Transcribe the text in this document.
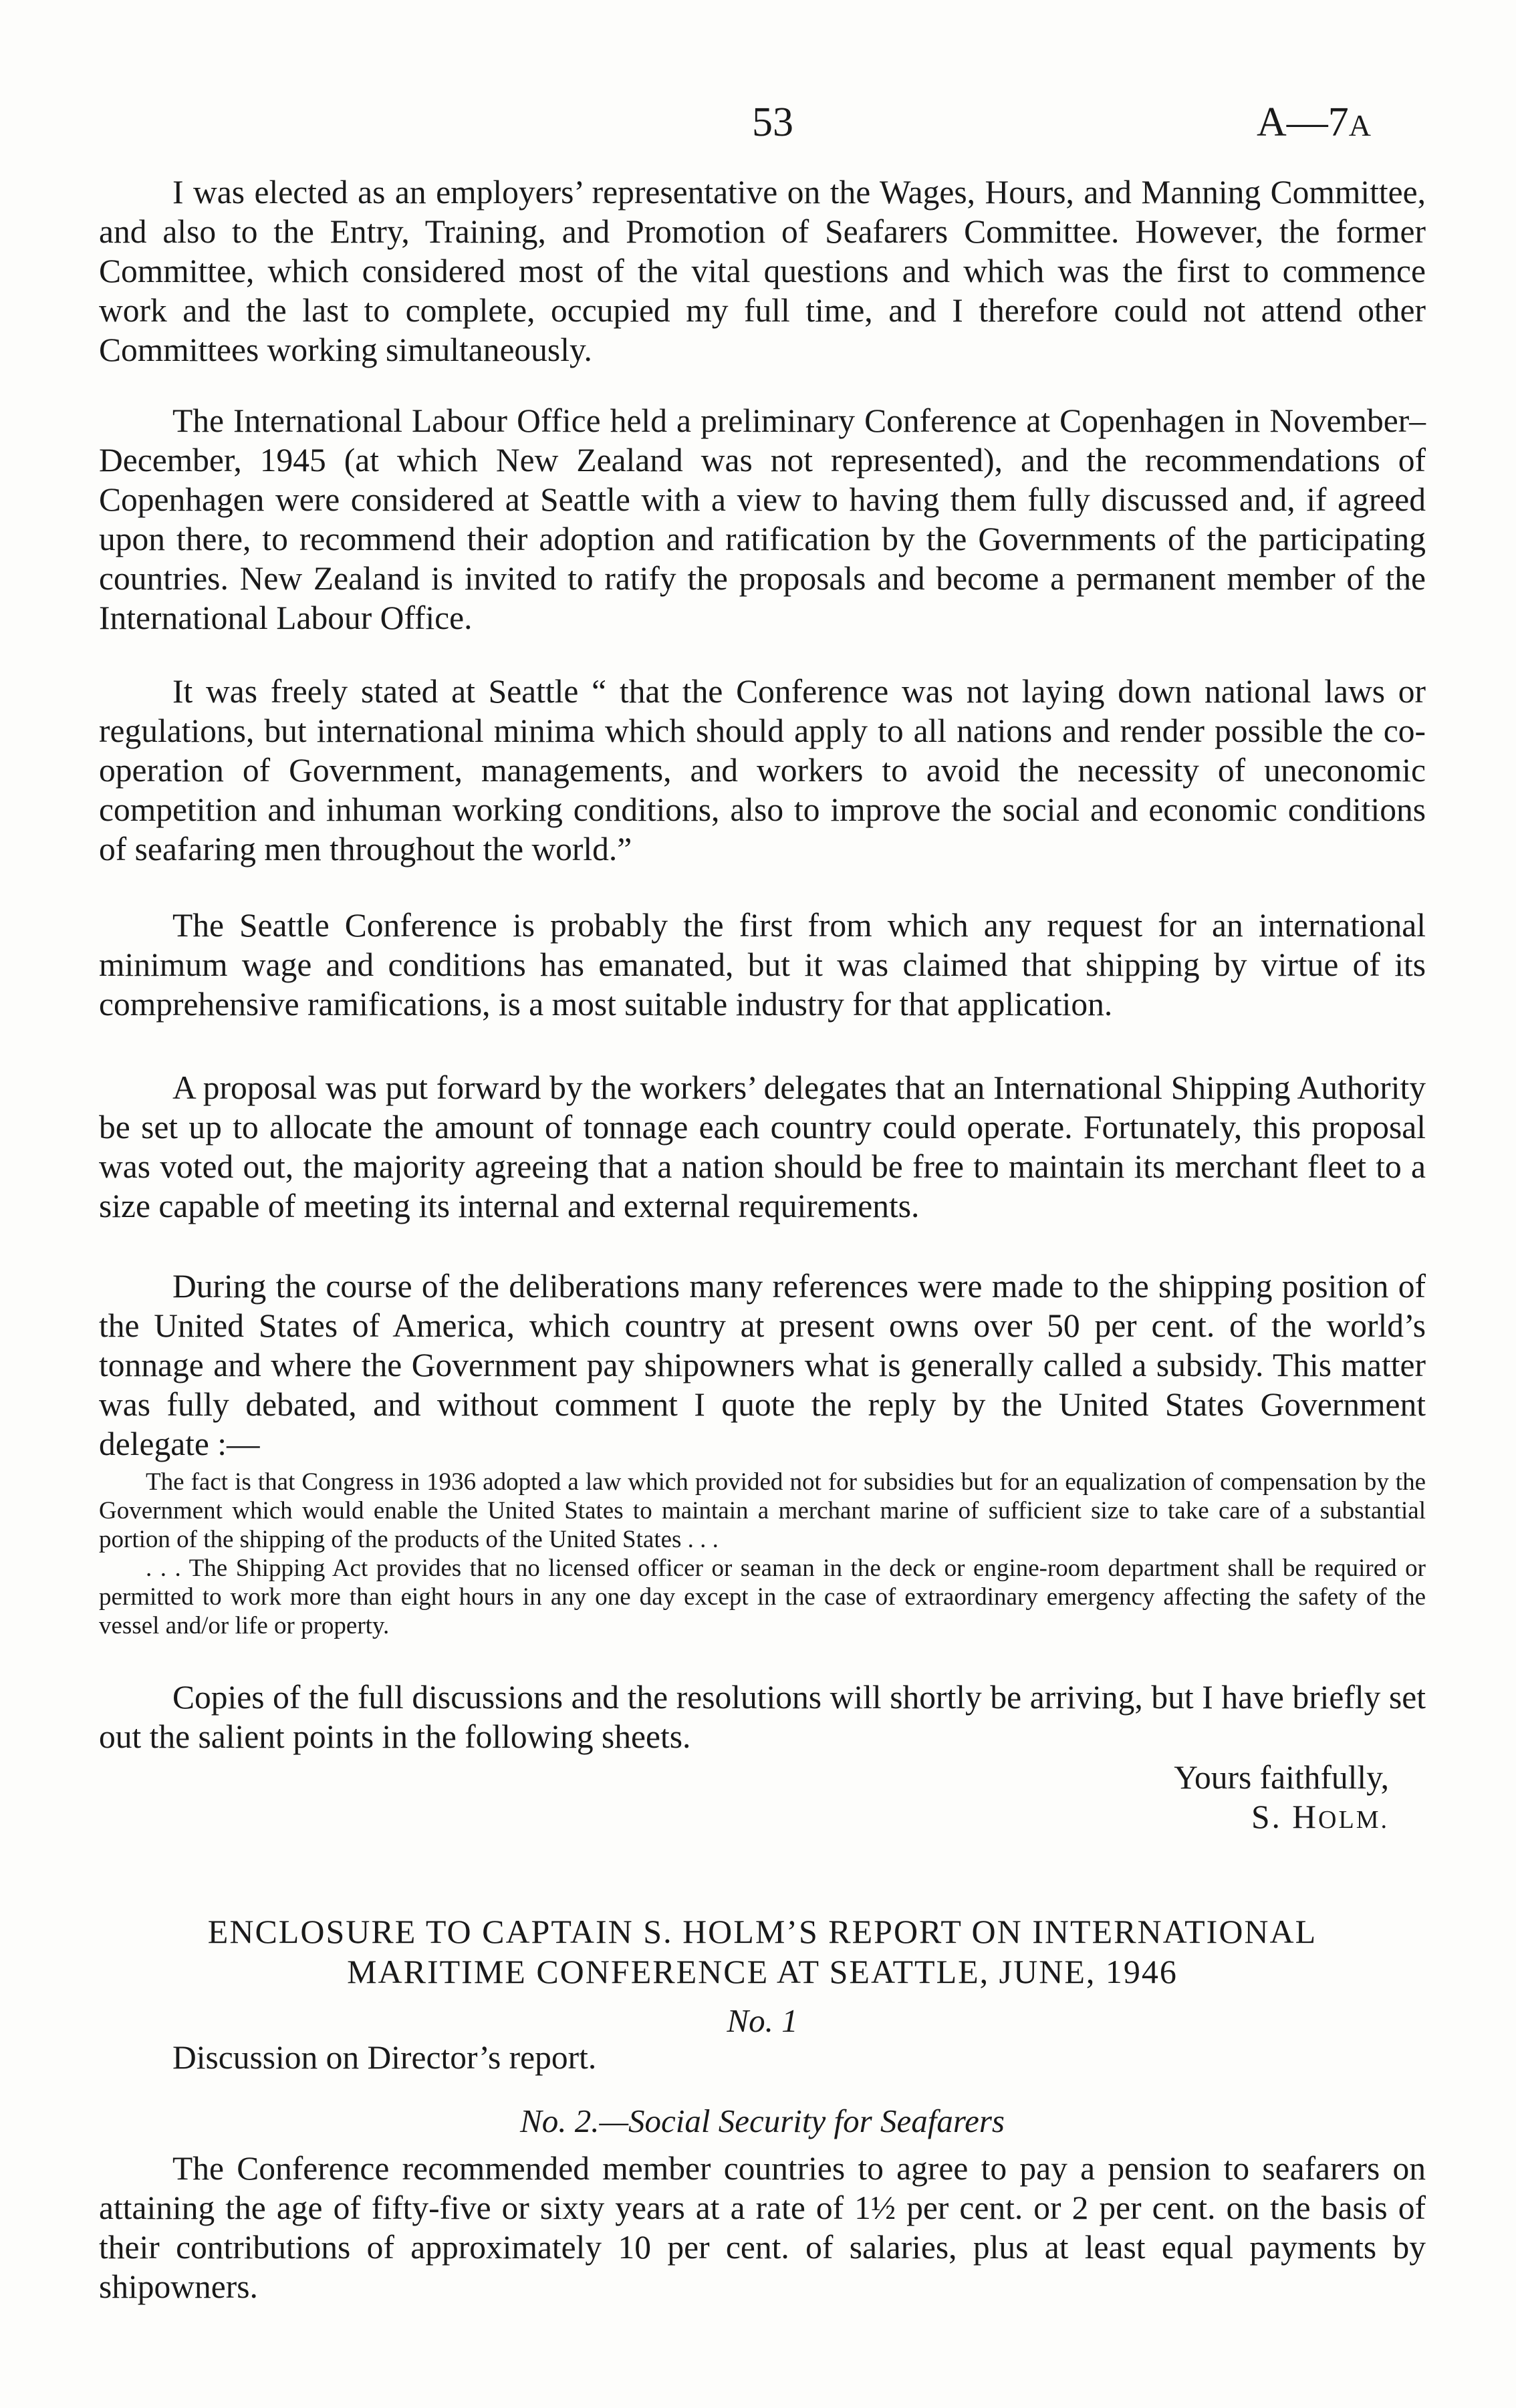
53	A—7A

I was elected as an employers’ representative on the Wages, Hours, and Manning Committee, and also to the Entry, Training, and Promotion of Seafarers Committee. However, the former Committee, which considered most of the vital questions and which was the first to commence work and the last to complete, occupied my full time, and I therefore could not attend other Committees working simultaneously.

The International Labour Office held a preliminary Conference at Copenhagen in November–December, 1945 (at which New Zealand was not represented), and the recommendations of Copenhagen were considered at Seattle with a view to having them fully discussed and, if agreed upon there, to recommend their adoption and ratification by the Governments of the participating countries. New Zealand is invited to ratify the proposals and become a permanent member of the International Labour Office.

It was freely stated at Seattle “ that the Conference was not laying down national laws or regulations, but international minima which should apply to all nations and render possible the co-operation of Government, managements, and workers to avoid the necessity of uneconomic competition and inhuman working conditions, also to improve the social and economic conditions of seafaring men throughout the world.”

The Seattle Conference is probably the first from which any request for an international minimum wage and conditions has emanated, but it was claimed that shipping by virtue of its comprehensive ramifications, is a most suitable industry for that application.

A proposal was put forward by the workers’ delegates that an International Shipping Authority be set up to allocate the amount of tonnage each country could operate. Fortunately, this proposal was voted out, the majority agreeing that a nation should be free to maintain its merchant fleet to a size capable of meeting its internal and external requirements.

During the course of the deliberations many references were made to the shipping position of the United States of America, which country at present owns over 50 per cent. of the world’s tonnage and where the Government pay shipowners what is generally called a subsidy. This matter was fully debated, and without comment I quote the reply by the United States Government delegate :—

The fact is that Congress in 1936 adopted a law which provided not for subsidies but for an equalization of compensation by the Government which would enable the United States to maintain a merchant marine of sufficient size to take care of a substantial portion of the shipping of the products of the United States . . .

. . . The Shipping Act provides that no licensed officer or seaman in the deck or engine-room department shall be required or permitted to work more than eight hours in any one day except in the case of extraordinary emergency affecting the safety of the vessel and/or life or property.

Copies of the full discussions and the resolutions will shortly be arriving, but I have briefly set out the salient points in the following sheets.

Yours faithfully,
S. HOLM.

ENCLOSURE TO CAPTAIN S. HOLM’S REPORT ON INTERNATIONAL

MARITIME CONFERENCE AT SEATTLE, JUNE, 1946

No. 1

Discussion on Director’s report.

No. 2.—Social Security for Seafarers

The Conference recommended member countries to agree to pay a pension to seafarers on attaining the age of fifty-five or sixty years at a rate of 1½ per cent. or 2 per cent. on the basis of their contributions of approximately 10 per cent. of salaries, plus at least equal payments by shipowners.
